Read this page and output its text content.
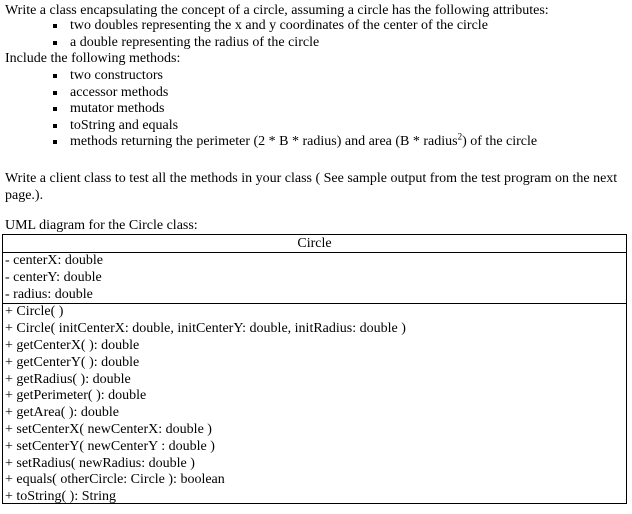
Write a class encapsulating the concept of a circle, assuming a circle has the following attributes:
two doubles representing the x and y coordinates of the center of the circle
a double representing the radius of the circle
Include the following methods:
two constructors
accessor methods
mutator methods
toString and equals
methods returning the perimeter (2 * B * radius) and area (B * radius$^2$) of the circle
Write a client class to test all the methods in your class ( See sample output from the test program on the next page.).
UML diagram for the Circle class:
Circle
- centerX: double
- centerY: double
- radius: double
+ Circle( )
+ Circle( initCenterX: double, initCenterY: double, initRadius: double )
+ getCenterX( ): double
+ getCenterY( ): double
+ getRadius( ): double
+ getPerimeter( ): double
+ getArea( ): double
+ setCenterX( newCenterX: double )
+ setCenterY( newCenterY : double )
+ setRadius( newRadius: double )
+ equals( otherCircle: Circle ): boolean
+ toString( ): String
